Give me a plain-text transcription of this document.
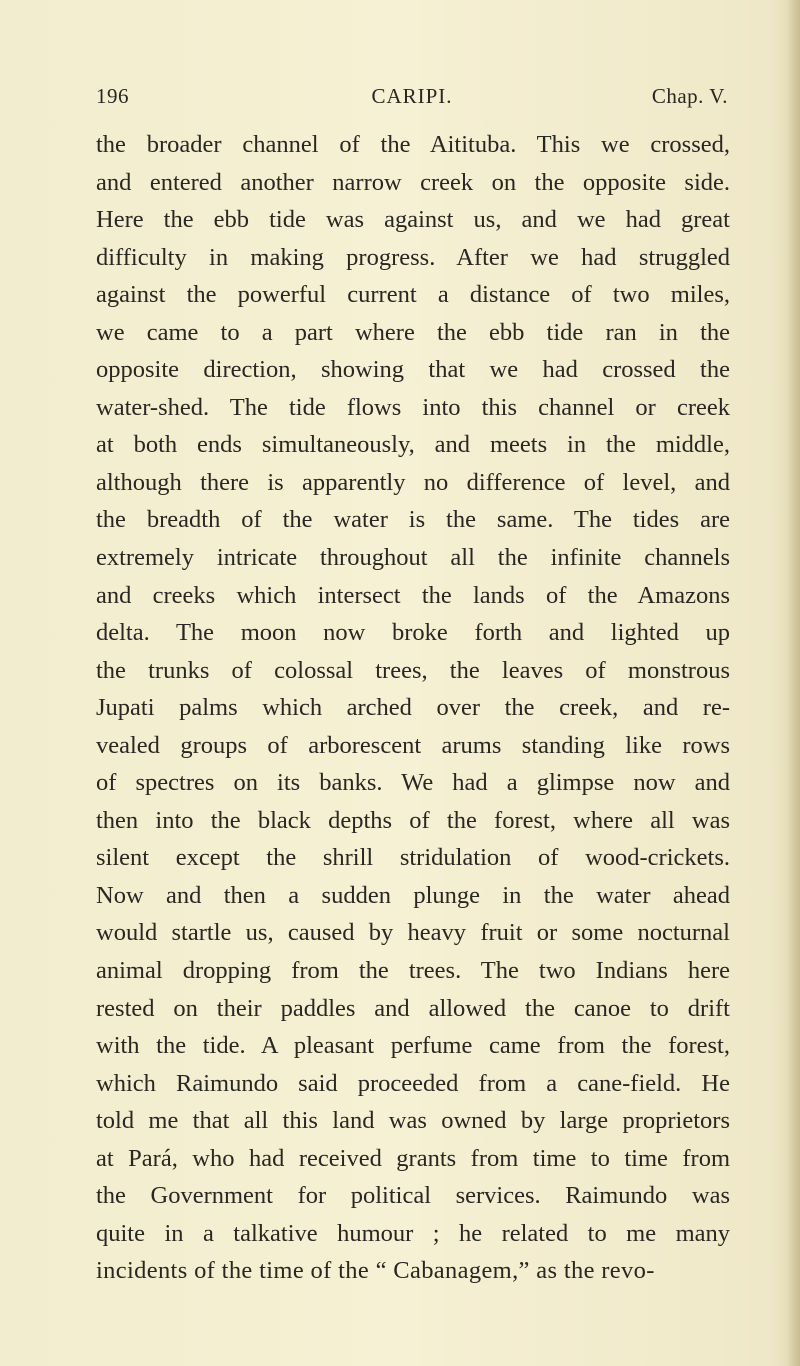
196	CARIPI.	Chap. V.
the broader channel of the Aitituba. This we crossed,
and entered another narrow creek on the opposite side.
Here the ebb tide was against us, and we had great
difficulty in making progress. After we had struggled
against the powerful current a distance of two miles,
we came to a part where the ebb tide ran in the
opposite direction, showing that we had crossed the
water-shed. The tide flows into this channel or creek
at both ends simultaneously, and meets in the middle,
although there is apparently no difference of level, and
the breadth of the water is the same. The tides are
extremely intricate throughout all the infinite channels
and creeks which intersect the lands of the Amazons
delta. The moon now broke forth and lighted up
the trunks of colossal trees, the leaves of monstrous
Jupati palms which arched over the creek, and re-
vealed groups of arborescent arums standing like rows
of spectres on its banks. We had a glimpse now and
then into the black depths of the forest, where all was
silent except the shrill stridulation of wood-crickets.
Now and then a sudden plunge in the water ahead
would startle us, caused by heavy fruit or some nocturnal
animal dropping from the trees. The two Indians here
rested on their paddles and allowed the canoe to drift
with the tide. A pleasant perfume came from the forest,
which Raimundo said proceeded from a cane-field. He
told me that all this land was owned by large proprietors
at Pará, who had received grants from time to time from
the Government for political services. Raimundo was
quite in a talkative humour ; he related to me many
incidents of the time of the “ Cabanagem,” as the revo-
